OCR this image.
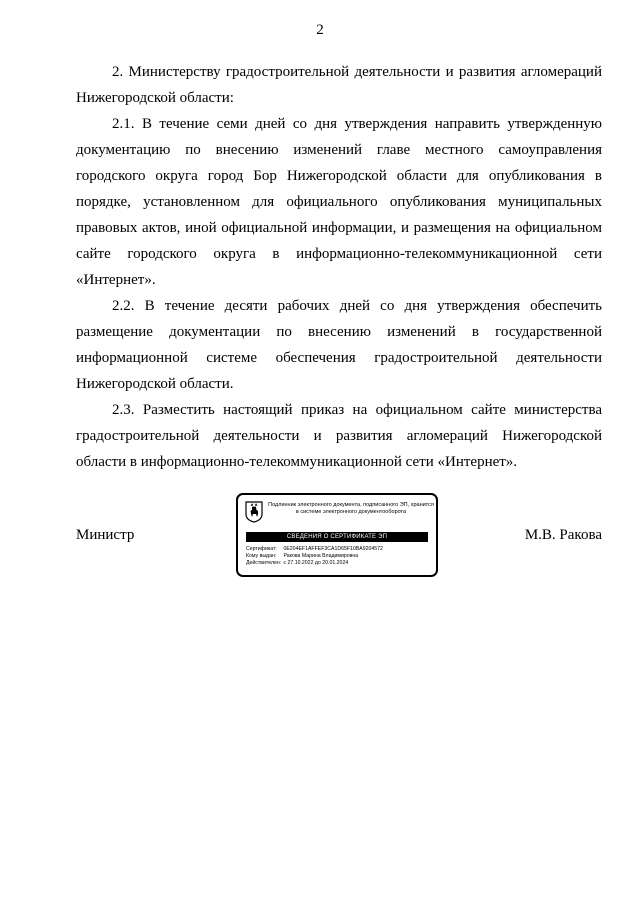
2

2. Министерству градостроительной деятельности и развития агломераций Нижегородской области:

2.1. В течение семи дней со дня утверждения направить утвержденную документацию по внесению изменений главе местного самоуправления городского округа город Бор Нижегородской области для опубликования в порядке, установленном для официального опубликования муниципальных правовых актов, иной официальной информации, и размещения на официальном сайте городского округа в информационно-телекоммуникационной сети «Интернет».

2.2. В течение десяти рабочих дней со дня утверждения обеспечить размещение документации по внесению изменений в государственной информационной системе обеспечения градостроительной деятельности Нижегородской области.

2.3. Разместить настоящий приказ на официальном сайте министерства градостроительной деятельности и развития агломераций Нижегородской области в информационно-телекоммуникационной сети «Интернет».

Министр
Подлинник электронного документа, подписанного ЭП, хранится в системе электронного документооборота
СВЕДЕНИЯ О СЕРТИФИКАТЕ ЭП
Сертификат: 0E204EF1AFFEF3CA1D65F10BA9204572
Кому выдан: Ракова Марина Владимировна
Действителен: с 27.10.2022 до 20.01.2024
М.В. Ракова
